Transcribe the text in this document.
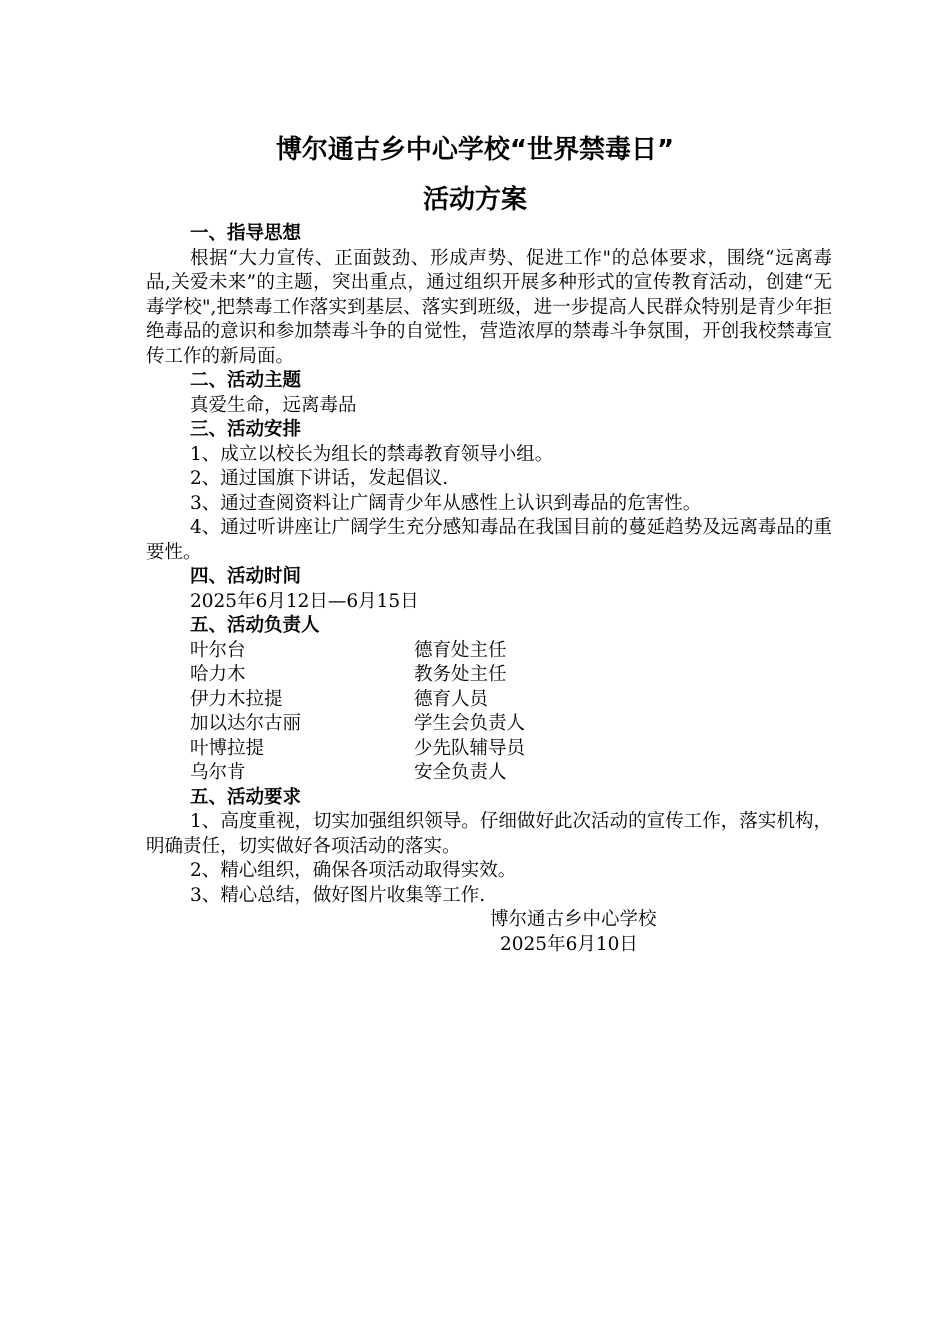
博尔通古乡中心学校“世界禁毒日”
活动方案
一、指导思想
根据“大力宣传、正面鼓劲、形成声势、促进工作"的总体要求，围绕“远离毒品,关爱未来”的主题，突出重点，通过组织开展多种形式的宣传教育活动，创建“无毒学校",把禁毒工作落实到基层、落实到班级，进一步提高人民群众特别是青少年拒绝毒品的意识和参加禁毒斗争的自觉性，营造浓厚的禁毒斗争氛围，开创我校禁毒宣传工作的新局面。
二、活动主题
真爱生命，远离毒品
三、活动安排
1、成立以校长为组长的禁毒教育领导小组。
2、通过国旗下讲话，发起倡议.
3、通过查阅资料让广阔青少年从感性上认识到毒品的危害性。
4、通过听讲座让广阔学生充分感知毒品在我国目前的蔓延趋势及远离毒品的重要性。
四、活动时间
2025年6月12日—6月15日
五、活动负责人
叶尔台	德育处主任
哈力木	教务处主任
伊力木拉提	德育人员
加以达尔古丽	学生会负责人
叶博拉提	少先队辅导员
乌尔肯	安全负责人
五、活动要求
1、高度重视，切实加强组织领导。仔细做好此次活动的宣传工作，落实机构，明确责任，切实做好各项活动的落实。
2、精心组织，确保各项活动取得实效。
3、精心总结，做好图片收集等工作.
博尔通古乡中心学校
2025年6月10日
